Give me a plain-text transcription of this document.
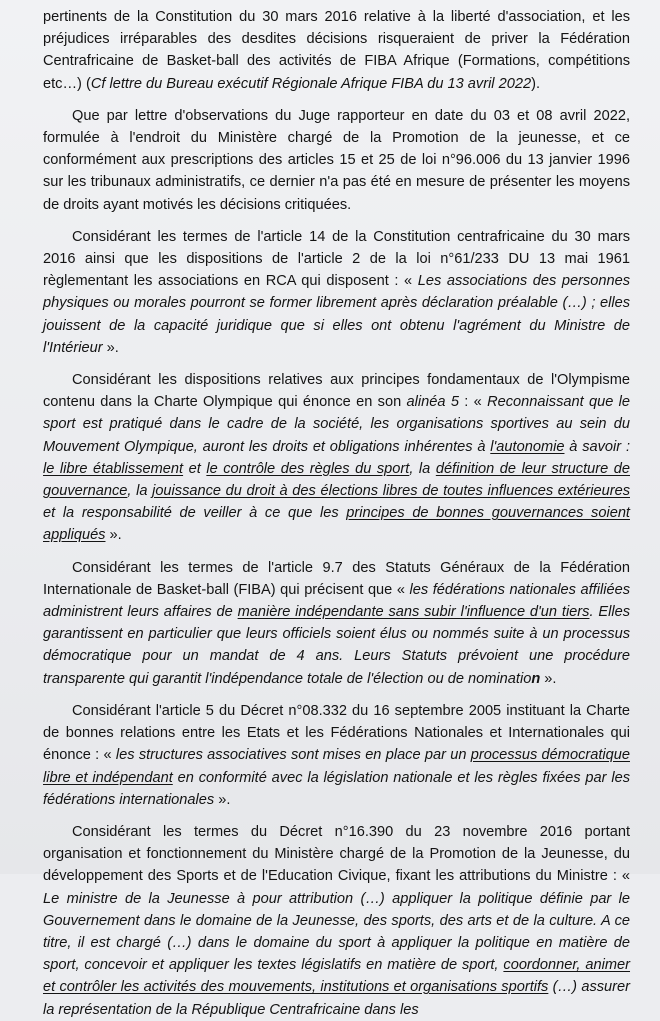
pertinents de la Constitution du 30 mars 2016 relative à la liberté d'association, et les préjudices irréparables des desdites décisions risqueraient de priver la Fédération Centrafricaine de Basket-ball des activités de FIBA Afrique (Formations, compétitions etc…) (Cf lettre du Bureau exécutif Régionale Afrique FIBA du 13 avril 2022).

Que par lettre d'observations du Juge rapporteur en date du 03 et 08 avril 2022, formulée à l'endroit du Ministère chargé de la Promotion de la jeunesse, et ce conformément aux prescriptions des articles 15 et 25 de loi n°96.006 du 13 janvier 1996 sur les tribunaux administratifs, ce dernier n'a pas été en mesure de présenter les moyens de droits ayant motivés les décisions critiquées.

Considérant les termes de l'article 14 de la Constitution centrafricaine du 30 mars 2016 ainsi que les dispositions de l'article 2 de la loi n°61/233 DU 13 mai 1961 règlementant les associations en RCA qui disposent : « Les associations des personnes physiques ou morales pourront se former librement après déclaration préalable (…) ; elles jouissent de la capacité juridique que si elles ont obtenu l'agrément du Ministre de l'Intérieur ».

Considérant les dispositions relatives aux principes fondamentaux de l'Olympisme contenu dans la Charte Olympique qui énonce en son alinéa 5 : « Reconnaissant que le sport est pratiqué dans le cadre de la société, les organisations sportives au sein du Mouvement Olympique, auront les droits et obligations inhérentes à l'autonomie à savoir : le libre établissement et le contrôle des règles du sport, la définition de leur structure de gouvernance, la jouissance du droit à des élections libres de toutes influences extérieures et la responsabilité de veiller à ce que les principes de bonnes gouvernances soient appliqués ».

Considérant les termes de l'article 9.7 des Statuts Généraux de la Fédération Internationale de Basket-ball (FIBA) qui précisent que « les fédérations nationales affiliées administrent leurs affaires de manière indépendante sans subir l'influence d'un tiers. Elles garantissent en particulier que leurs officiels soient élus ou nommés suite à un processus démocratique pour un mandat de 4 ans. Leurs Statuts prévoient une procédure transparente qui garantit l'indépendance totale de l'élection ou de nomination ».

Considérant l'article 5 du Décret n°08.332 du 16 septembre 2005 instituant la Charte de bonnes relations entre les Etats et les Fédérations Nationales et Internationales qui énonce : « les structures associatives sont mises en place par un processus démocratique libre et indépendant en conformité avec la législation nationale et les règles fixées par les fédérations internationales ».

Considérant les termes du Décret n°16.390 du 23 novembre 2016 portant organisation et fonctionnement du Ministère chargé de la Promotion de la Jeunesse, du développement des Sports et de l'Education Civique, fixant les attributions du Ministre : « Le ministre de la Jeunesse à pour attribution (…) appliquer la politique définie par le Gouvernement dans le domaine de la Jeunesse, des sports, des arts et de la culture. A ce titre, il est chargé (…) dans le domaine du sport à appliquer la politique en matière de sport, concevoir et appliquer les textes législatifs en matière de sport, coordonner, animer et contrôler les activités des mouvements, institutions et organisations sportifs (…) assurer la représentation de la République Centrafricaine dans les
